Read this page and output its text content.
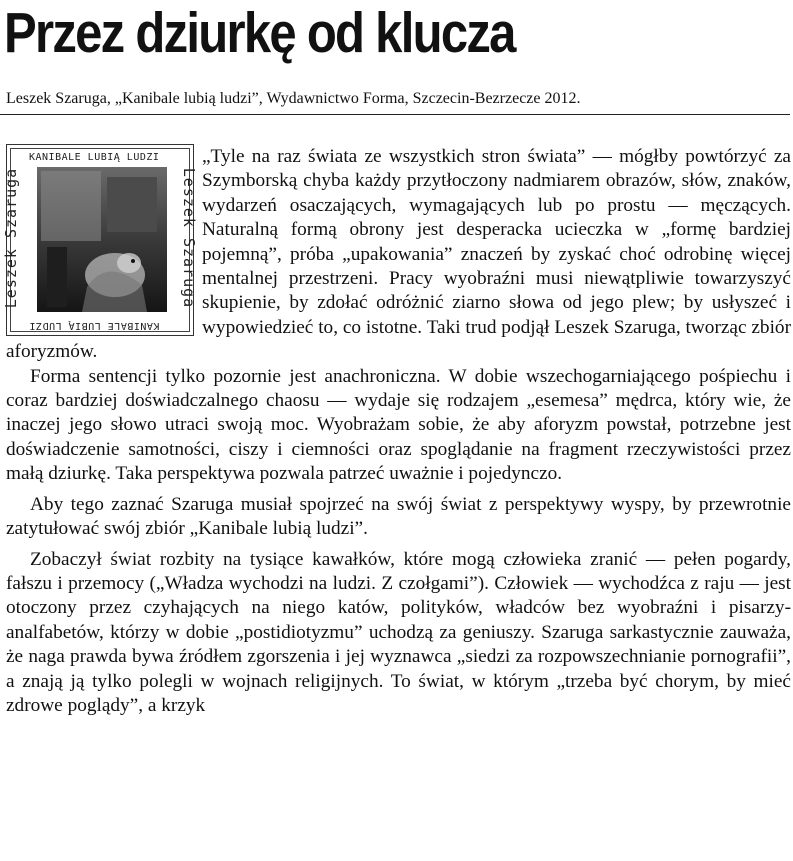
Przez dziurkę od klucza
Leszek Szaruga, „Kanibale lubią ludzi”, Wydawnictwo Forma, Szczecin-Bezrzecze 2012.
KANIBALE LUBIĄ LUDZI
Leszek Szaruga	Leszek Szaruga
KANIBALE LUBIĄ LUDZI

„Tyle na raz świata ze wszystkich stron świata” — mógłby powtórzyć za Szymborską chyba każdy przytłoczony nadmiarem obrazów, słów, znaków, wydarzeń osaczających, wymagających lub po prostu — męczących. Naturalną formą obrony jest desperacka ucieczka w „formę bardziej pojemną”, próba „upakowania” znaczeń by zyskać choć odrobinę więcej mentalnej przestrzeni. Pracy wyobraźni musi niewątpliwie towarzyszyć skupienie, by zdołać odróżnić ziarno słowa od jego plew; by usłyszeć i wypowiedzieć to, co istotne. Taki trud podjął Leszek Szaruga, tworząc zbiór aforyzmów.

Forma sentencji tylko pozornie jest anachroniczna. W dobie wszechogarniającego pośpiechu i coraz bardziej doświadczalnego chaosu — wydaje się rodzajem „esemesa” mędrca, który wie, że inaczej jego słowo utraci swoją moc. Wyobrażam sobie, że aby aforyzm powstał, potrzebne jest doświadczenie samotności, ciszy i ciemności oraz spoglądanie na fragment rzeczywistości przez małą dziurkę. Taka perspektywa pozwala patrzeć uważnie i pojedynczo.

Aby tego zaznać Szaruga musiał spojrzeć na swój świat z perspektywy wyspy, by przewrotnie zatytułować swój zbiór „Kanibale lubią ludzi”.

Zobaczył świat rozbity na tysiące kawałków, które mogą człowieka zranić — pełen pogardy, fałszu i przemocy („Władza wychodzi na ludzi. Z czołgami”). Człowiek — wychodźca z raju — jest otoczony przez czyhających na niego katów, polityków, władców bez wyobraźni i pisarzy-analfabetów, którzy w dobie „postidiotyzmu” uchodzą za geniuszy. Szaruga sarkastycznie zauważa, że naga prawda bywa źródłem zgorszenia i jej wyznawca „siedzi za rozpowszechnianie pornografii”, a znają ją tylko polegli w wojnach religijnych. To świat, w którym „trzeba być chorym, by mieć zdrowe poglądy”, a krzyk
